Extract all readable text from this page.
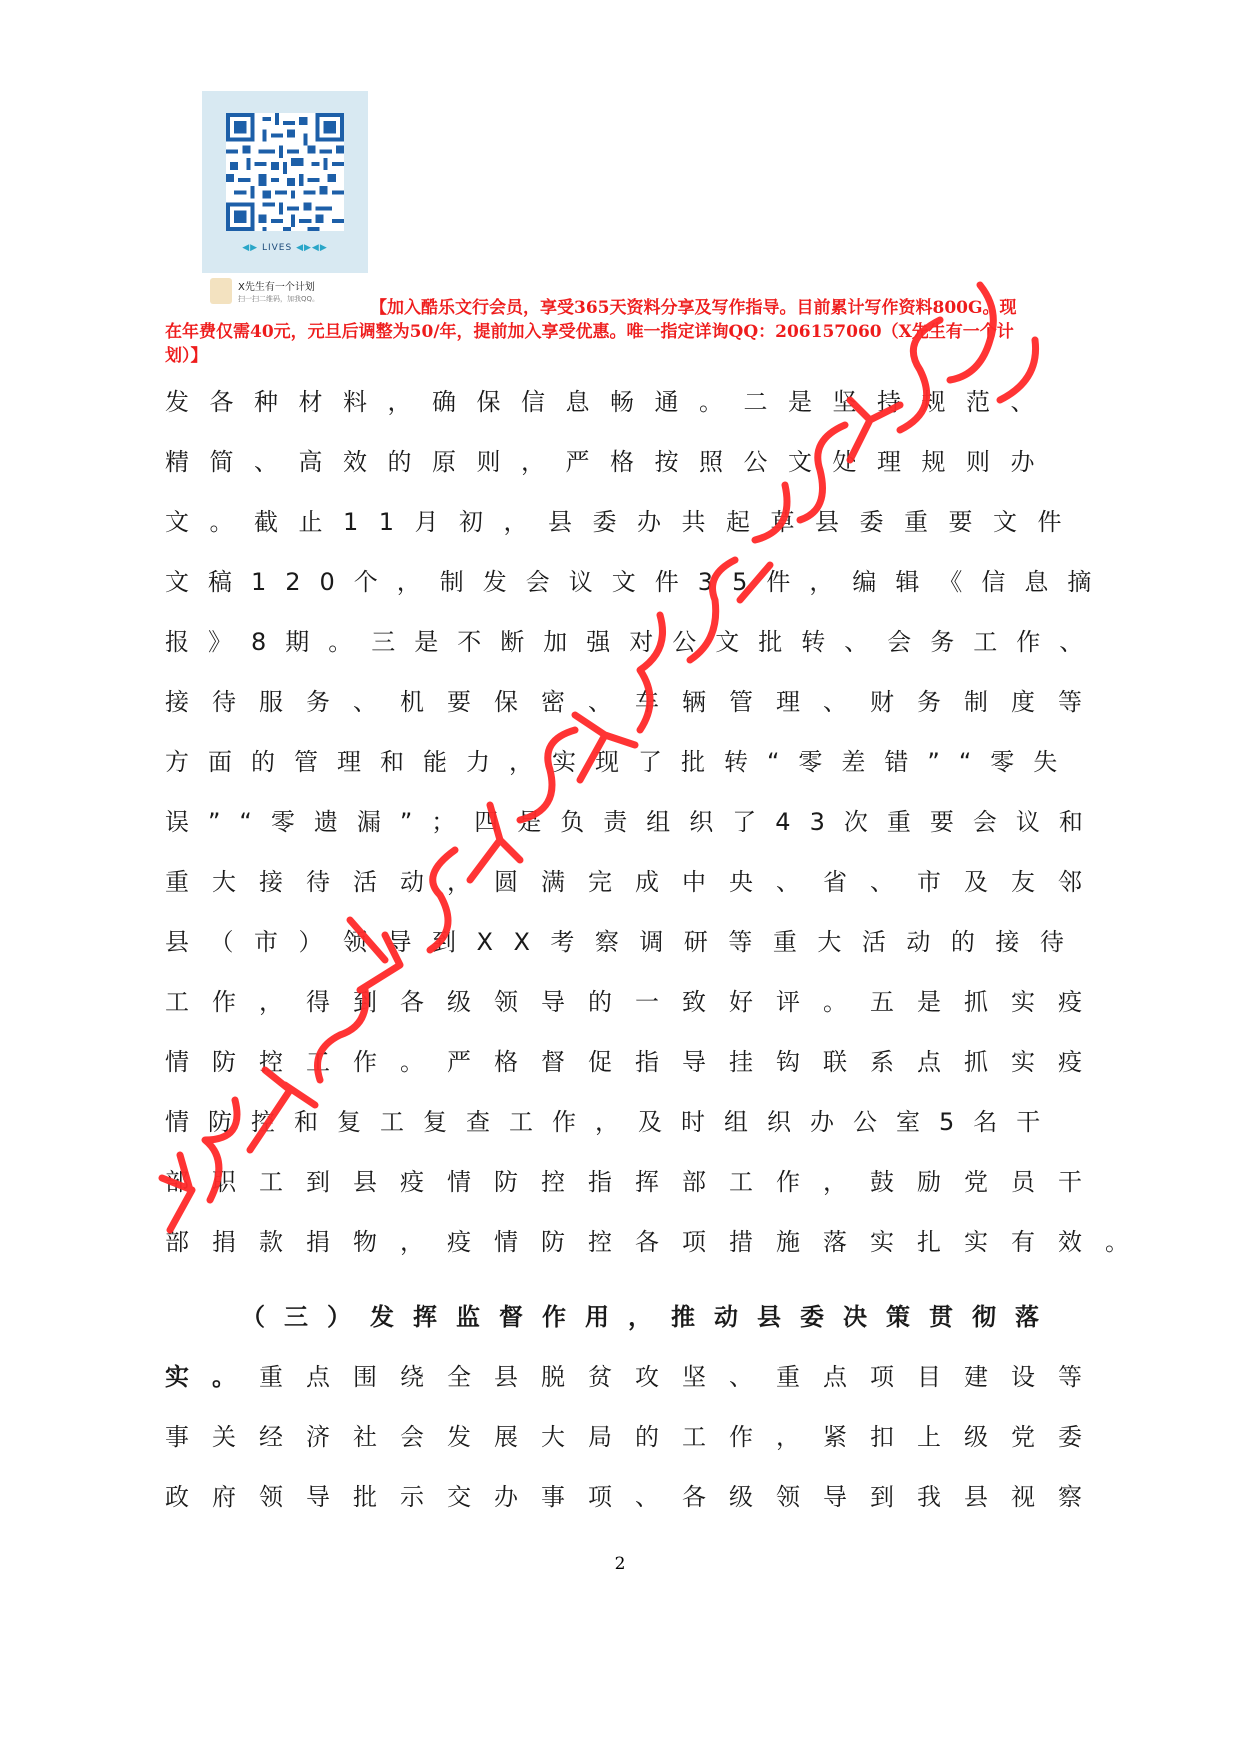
◀▶ LIVES ◀▶◀▶
X先生有一个计划
扫一扫二维码，加我QQ。	【加入酷乐文行会员，享受365天资料分享及写作指导。目前累计写作资料800G。现

在年费仅需40元，元旦后调整为50/年，提前加入享受优惠。唯一指定详询QQ：206157060（X先生有一个计

划）】

发各种材料，确保信息畅通。二是坚持规范、
精简、高效的原则，严格按照公文处理规则办
文。截止11月初，县委办共起草县委重要文件
文稿120个，制发会议文件35件，编辑《信息摘
报》8期。三是不断加强对公文批转、会务工作、
接待服务、机要保密、车辆管理、财务制度等
方面的管理和能力，实现了批转“零差错”“零失
误”“零遗漏”；四是负责组织了43次重要会议和
重大接待活动，圆满完成中央、省、市及友邻
县（市）领导到XX考察调研等重大活动的接待
工作，得到各级领导的一致好评。五是抓实疫
情防控工作。严格督促指导挂钩联系点抓实疫
情防控和复工复查工作，及时组织办公室5名干
部职工到县疫情防控指挥部工作，鼓励党员干
部捐款捐物，疫情防控各项措施落实扎实有效。
（三）发挥监督作用，推动县委决策贯彻落
实。重点围绕全县脱贫攻坚、重点项目建设等
事关经济社会发展大局的工作，紧扣上级党委
政府领导批示交办事项、各级领导到我县视察
2
